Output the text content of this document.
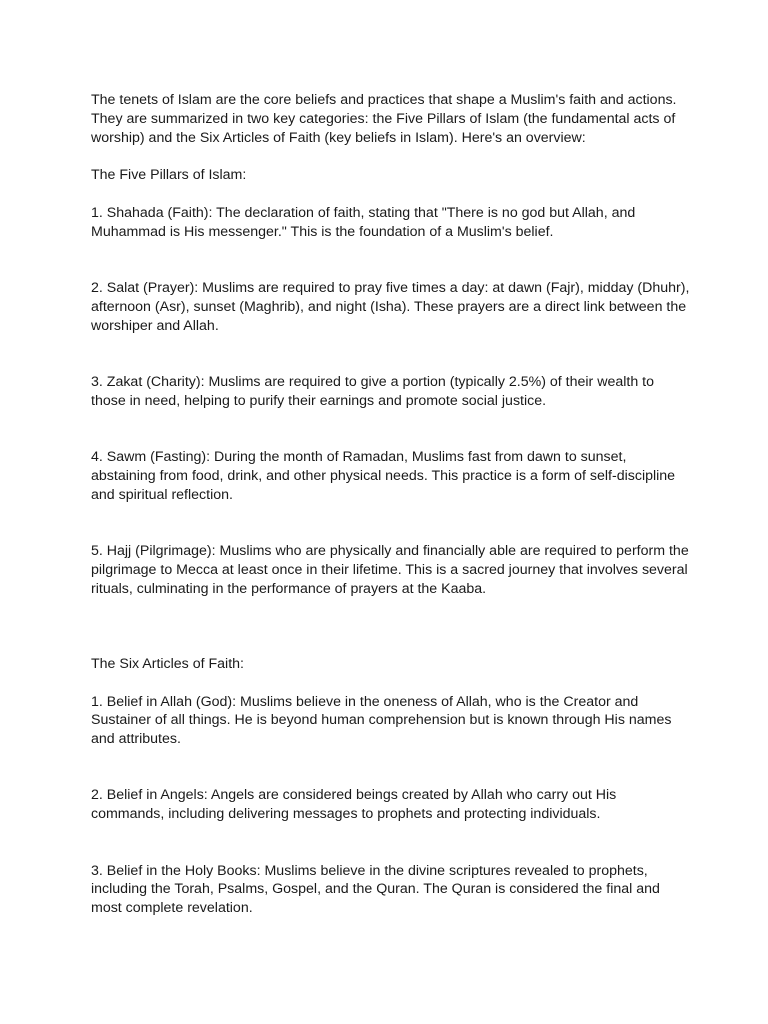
The tenets of Islam are the core beliefs and practices that shape a Muslim's faith and actions. They are summarized in two key categories: the Five Pillars of Islam (the fundamental acts of worship) and the Six Articles of Faith (key beliefs in Islam). Here's an overview:

The Five Pillars of Islam:

1. Shahada (Faith): The declaration of faith, stating that "There is no god but Allah, and Muhammad is His messenger." This is the foundation of a Muslim's belief.

2. Salat (Prayer): Muslims are required to pray five times a day: at dawn (Fajr), midday (Dhuhr), afternoon (Asr), sunset (Maghrib), and night (Isha). These prayers are a direct link between the worshiper and Allah.

3. Zakat (Charity): Muslims are required to give a portion (typically 2.5%) of their wealth to those in need, helping to purify their earnings and promote social justice.

4. Sawm (Fasting): During the month of Ramadan, Muslims fast from dawn to sunset, abstaining from food, drink, and other physical needs. This practice is a form of self-discipline and spiritual reflection.

5. Hajj (Pilgrimage): Muslims who are physically and financially able are required to perform the pilgrimage to Mecca at least once in their lifetime. This is a sacred journey that involves several rituals, culminating in the performance of prayers at the Kaaba.

The Six Articles of Faith:

1. Belief in Allah (God): Muslims believe in the oneness of Allah, who is the Creator and Sustainer of all things. He is beyond human comprehension but is known through His names and attributes.

2. Belief in Angels: Angels are considered beings created by Allah who carry out His commands, including delivering messages to prophets and protecting individuals.

3. Belief in the Holy Books: Muslims believe in the divine scriptures revealed to prophets, including the Torah, Psalms, Gospel, and the Quran. The Quran is considered the final and most complete revelation.
